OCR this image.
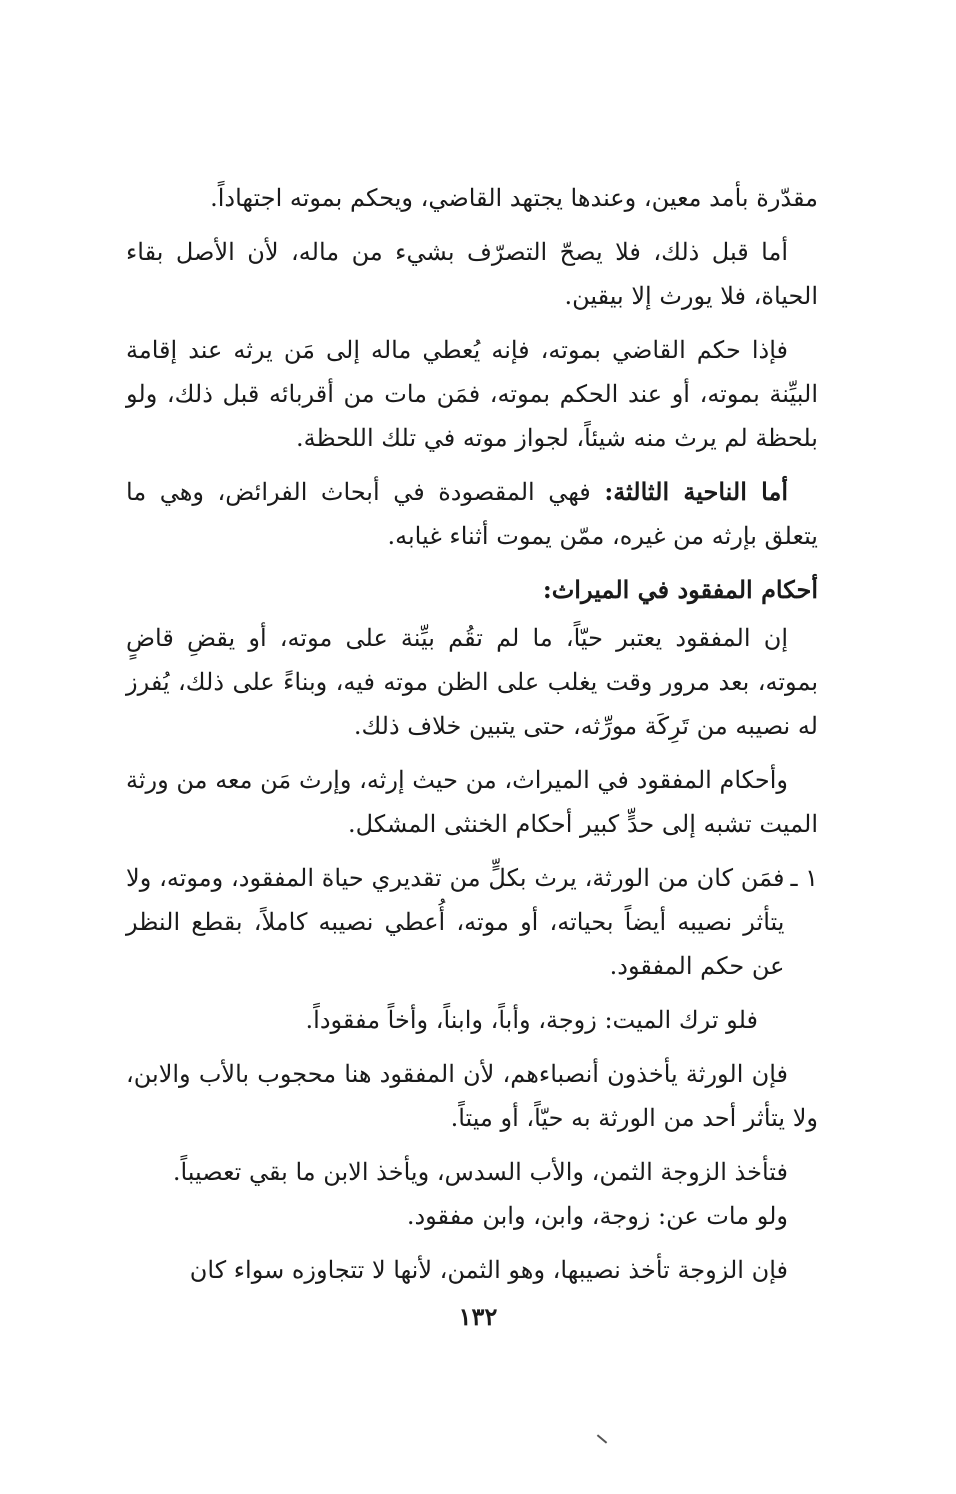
مقدّرة بأمد معين، وعندها يجتهد القاضي، ويحكم بموته اجتهاداً.

أما قبل ذلك، فلا يصحّ التصرّف بشيء من ماله، لأن الأصل بقاء الحياة، فلا يورث إلا بيقين.

فإذا حكم القاضي بموته، فإنه يُعطي ماله إلى مَن يرثه عند إقامة البيِّنة بموته، أو عند الحكم بموته، فمَن مات من أقربائه قبل ذلك، ولو بلحظة لم يرث منه شيئاً، لجواز موته في تلك اللحظة.

أما الناحية الثالثة: فهي المقصودة في أبحاث الفرائض، وهي ما يتعلق بإرثه من غيره، ممّن يموت أثناء غيابه.

أحكام المفقود في الميراث:

إن المفقود يعتبر حيّاً، ما لم تقُم بيِّنة على موته، أو يقضِ قاضٍ بموته، بعد مرور وقت يغلب على الظن موته فيه، وبناءً على ذلك، يُفرز له نصيبه من تَرِكَة مورِّثه، حتى يتبين خلاف ذلك.

وأحكام المفقود في الميراث، من حيث إرثه، وإرث مَن معه من ورثة الميت تشبه إلى حدٍّ كبير أحكام الخنثى المشكل.

١ ـ
فمَن كان من الورثة، يرث بكلٍّ من تقديري حياة المفقود، وموته، ولا يتأثر نصيبه أيضاً بحياته، أو موته، أُعطي نصيبه كاملاً، بقطع النظر عن حكم المفقود.

فلو ترك الميت: زوجة، وأباً، وابناً، وأخاً مفقوداً.

فإن الورثة يأخذون أنصباءهم، لأن المفقود هنا محجوب بالأب والابن، ولا يتأثر أحد من الورثة به حيّاً، أو ميتاً.

فتأخذ الزوجة الثمن، والأب السدس، ويأخذ الابن ما بقي تعصيباً.

ولو مات عن: زوجة، وابن، وابن مفقود.

فإن الزوجة تأخذ نصيبها، وهو الثمن، لأنها لا تتجاوزه سواء كان

١٣٢
